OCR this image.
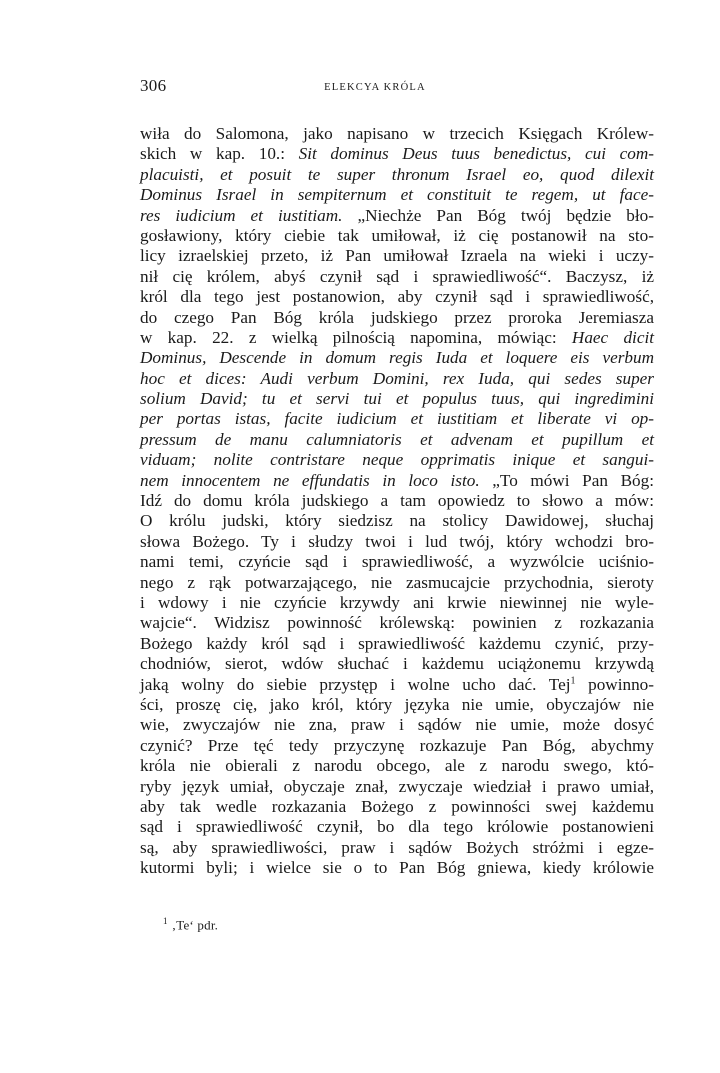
306	ELEKCYA KRÓLA
wiła do Salomona, jako napisano w trzecich Księgach Królew-
skich w kap. 10.: Sit dominus Deus tuus benedictus, cui com-
placuisti, et posuit te super thronum Israel eo, quod dilexit
Dominus Israel in sempiternum et constituit te regem, ut face-
res iudicium et iustitiam. „Niechże Pan Bóg twój będzie bło-
gosławiony, który ciebie tak umiłował, iż cię postanowił na sto-
licy izraelskiej przeto, iż Pan umiłował Izraela na wieki i uczy-
nił cię królem, abyś czynił sąd i sprawiedliwość“. Baczysz, iż
król dla tego jest postanowion, aby czynił sąd i sprawiedliwość,
do czego Pan Bóg króla judskiego przez proroka Jeremiasza
w kap. 22. z wielką pilnością napomina, mówiąc: Haec dicit
Dominus, Descende in domum regis Iuda et loquere eis verbum
hoc et dices: Audi verbum Domini, rex Iuda, qui sedes super
solium David; tu et servi tui et populus tuus, qui ingredimini
per portas istas, facite iudicium et iustitiam et liberate vi op-
pressum de manu calumniatoris et advenam et pupillum et
viduam; nolite contristare neque opprimatis inique et sangui-
nem innocentem ne effundatis in loco isto. „To mówi Pan Bóg:
Idź do domu króla judskiego a tam opowiedz to słowo a mów:
O królu judski, który siedzisz na stolicy Dawidowej, słuchaj
słowa Bożego. Ty i słudzy twoi i lud twój, który wchodzi bro-
nami temi, czyńcie sąd i sprawiedliwość, a wyzwólcie uciśnio-
nego z rąk potwarzającego, nie zasmucajcie przychodnia, sieroty
i wdowy i nie czyńcie krzywdy ani krwie niewinnej nie wyle-
wajcie“. Widzisz powinność królewską: powinien z rozkazania
Bożego każdy król sąd i sprawiedliwość każdemu czynić, przy-
chodniów, sierot, wdów słuchać i każdemu uciążonemu krzywdą
jaką wolny do siebie przystęp i wolne ucho dać. Tej$^1$ powinno-
ści, proszę cię, jako król, który języka nie umie, obyczajów nie
wie, zwyczajów nie zna, praw i sądów nie umie, może dosyć
czynić? Prze tęć tedy przyczynę rozkazuje Pan Bóg, abychmy
króla nie obierali z narodu obcego, ale z narodu swego, któ-
ryby język umiał, obyczaje znał, zwyczaje wiedział i prawo umiał,
aby tak wedle rozkazania Bożego z powinności swej każdemu
sąd i sprawiedliwość czynił, bo dla tego królowie postanowieni
są, aby sprawiedliwości, praw i sądów Bożych stróżmi i egze-
kutormi byli; i wielce sie o to Pan Bóg gniewa, kiedy królowie
$^1$ ‚Te‘ pdr.
